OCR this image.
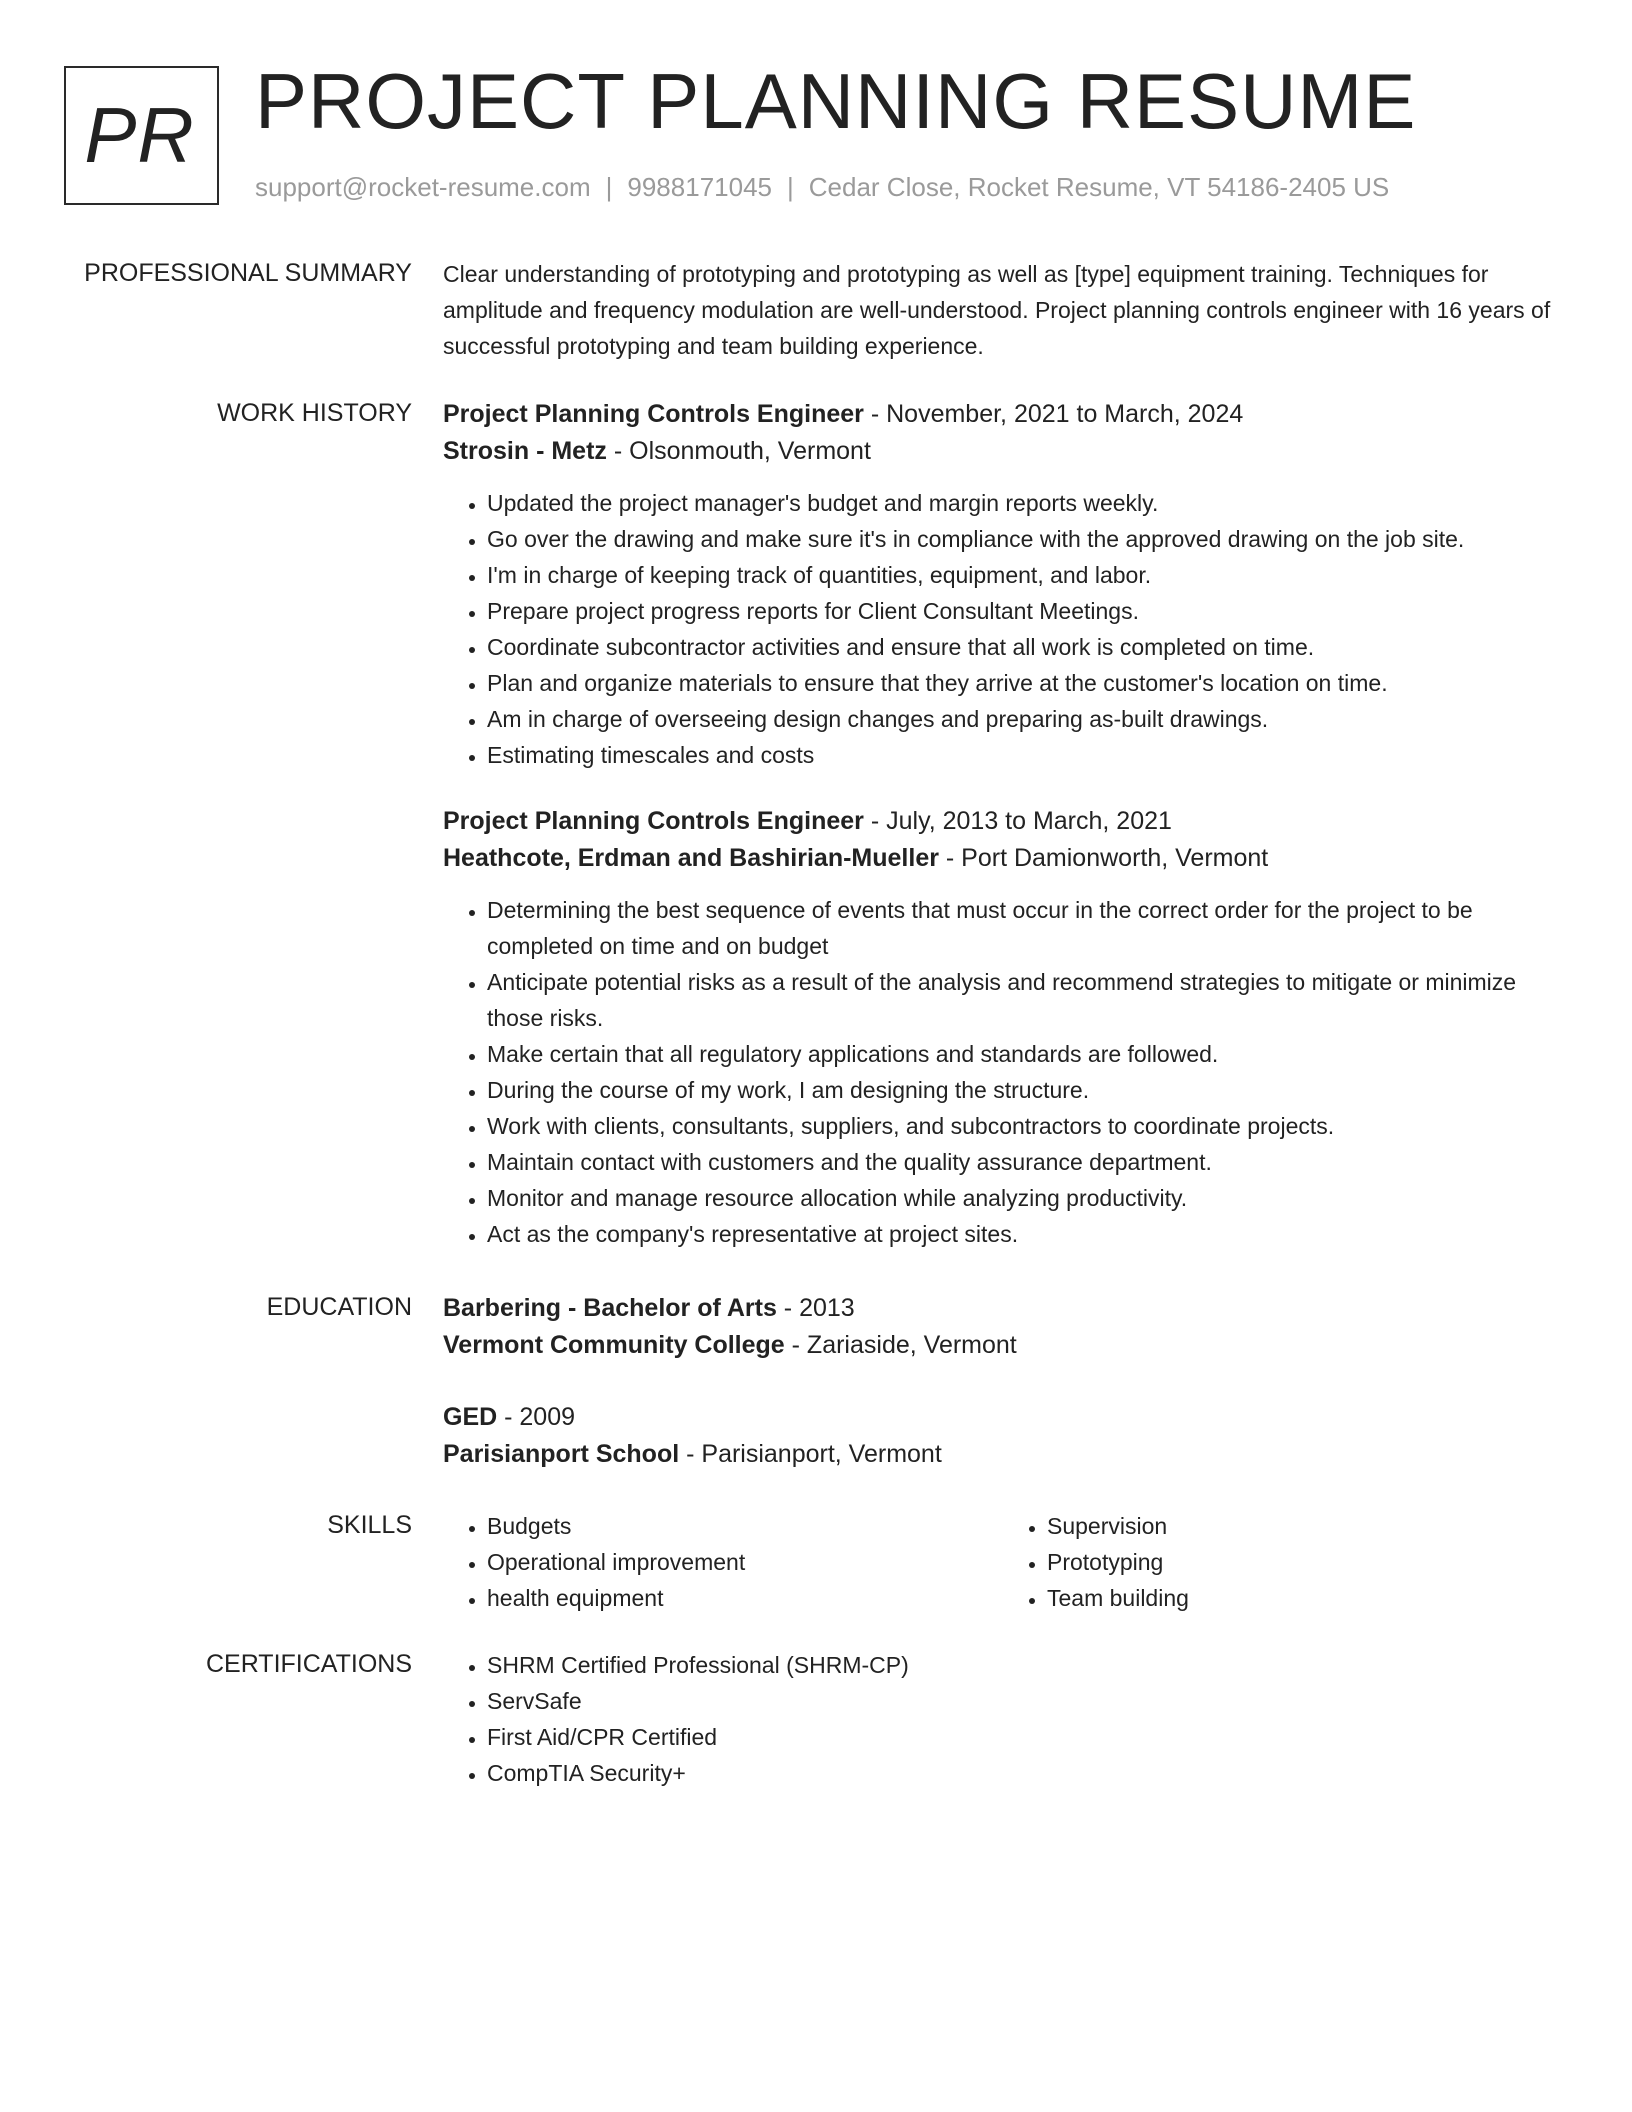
PR PROJECT PLANNING RESUME
support@rocket-resume.com | 9988171045 | Cedar Close, Rocket Resume, VT 54186-2405 US
PROFESSIONAL SUMMARY Clear understanding of prototyping and prototyping as well as [type] equipment training. Techniques for amplitude and frequency modulation are well-understood. Project planning controls engineer with 16 years of successful prototyping and team building experience.

WORK HISTORY Project Planning Controls Engineer - November, 2021 to March, 2024
Strosin - Metz - Olsonmouth, Vermont
• Updated the project manager's budget and margin reports weekly.
• Go over the drawing and make sure it's in compliance with the approved drawing on the job site.
• I'm in charge of keeping track of quantities, equipment, and labor.
• Prepare project progress reports for Client Consultant Meetings.
• Coordinate subcontractor activities and ensure that all work is completed on time.
• Plan and organize materials to ensure that they arrive at the customer's location on time.
• Am in charge of overseeing design changes and preparing as-built drawings.
• Estimating timescales and costs
Project Planning Controls Engineer - July, 2013 to March, 2021
Heathcote, Erdman and Bashirian-Mueller - Port Damionworth, Vermont
• Determining the best sequence of events that must occur in the correct order for the project to be completed on time and on budget
• Anticipate potential risks as a result of the analysis and recommend strategies to mitigate or minimize those risks.
• Make certain that all regulatory applications and standards are followed.
• During the course of my work, I am designing the structure.
• Work with clients, consultants, suppliers, and subcontractors to coordinate projects.
• Maintain contact with customers and the quality assurance department.
• Monitor and manage resource allocation while analyzing productivity.
• Act as the company's representative at project sites.
EDUCATION Barbering - Bachelor of Arts - 2013
Vermont Community College - Zariaside, Vermont
GED - 2009
Parisianport School - Parisianport, Vermont
SKILLS	• Budgets
• Operational improvement
• health equipment
• Supervision
• Prototyping
• Team building
CERTIFICATIONS	• SHRM Certified Professional (SHRM-CP)
• ServSafe
• First Aid/CPR Certified
• CompTIA Security+
